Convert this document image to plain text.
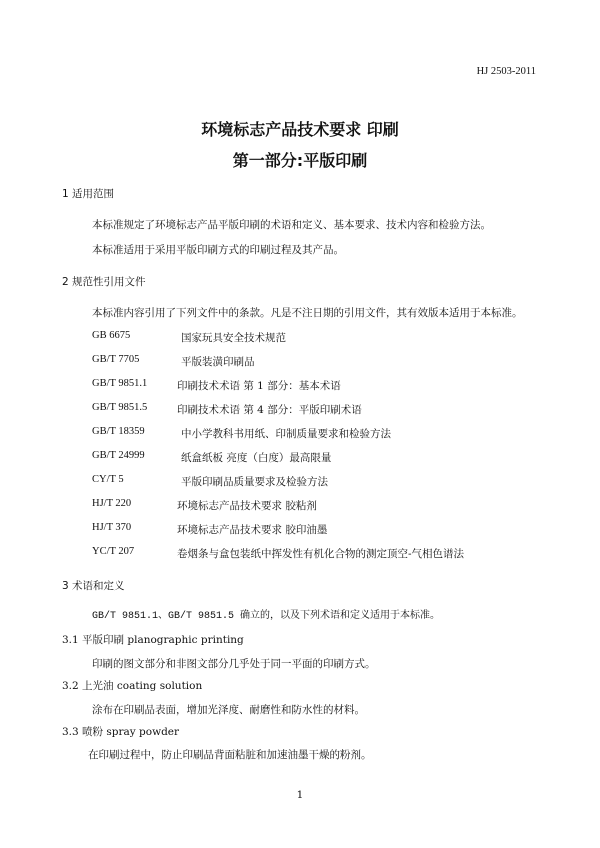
HJ 2503-2011
环境标志产品技术要求 印刷
第一部分:平版印刷
1 适用范围
本标准规定了环境标志产品平版印刷的术语和定义、基本要求、技术内容和检验方法。
本标准适用于采用平版印刷方式的印刷过程及其产品。
2 规范性引用文件
本标准内容引用了下列文件中的条款。凡是不注日期的引用文件，其有效版本适用于本标准。
GB 6675	国家玩具安全技术规范
GB/T 7705	平版装潢印刷品
GB/T 9851.1	印刷技术术语 第 1 部分：基本术语
GB/T 9851.5	印刷技术术语 第 4 部分：平版印刷术语
GB/T 18359	中小学教科书用纸、印制质量要求和检验方法
GB/T 24999	纸盒纸板 亮度（白度）最高限量
CY/T 5	平版印刷品质量要求及检验方法
HJ/T 220	环境标志产品技术要求 胶粘剂
HJ/T 370	环境标志产品技术要求 胶印油墨
YC/T 207	卷烟条与盒包装纸中挥发性有机化合物的测定顶空-气相色谱法
3 术语和定义
GB/T 9851.1、GB/T 9851.5 确立的，以及下列术语和定义适用于本标准。
3.1 平版印刷 planographic printing
印刷的图文部分和非图文部分几乎处于同一平面的印刷方式。
3.2 上光油 coating solution
涂布在印刷品表面，增加光泽度、耐磨性和防水性的材料。
3.3 喷粉 spray powder
在印刷过程中，防止印刷品背面粘脏和加速油墨干燥的粉剂。
1
